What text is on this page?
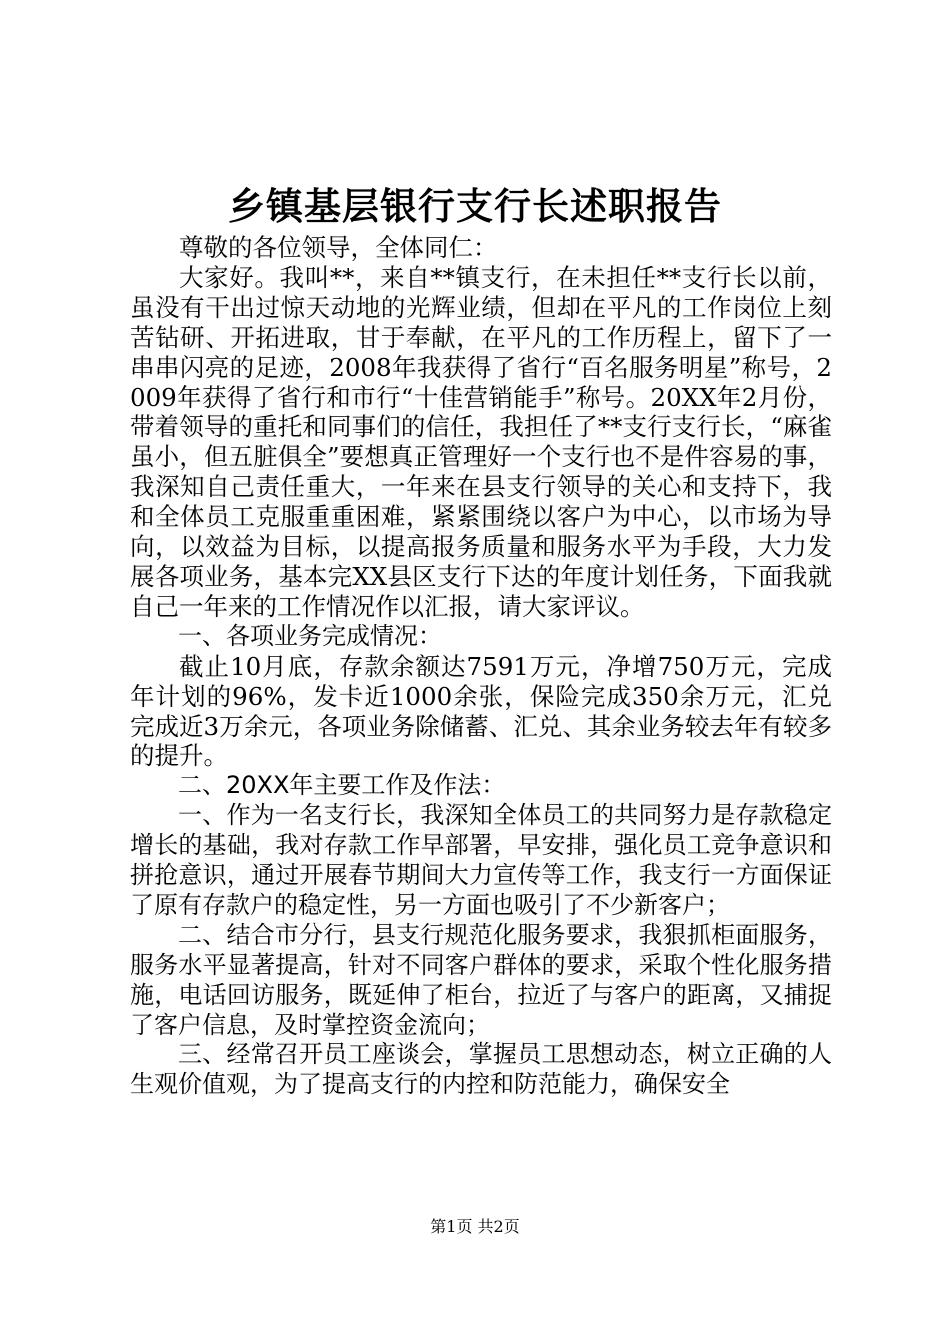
乡镇基层银行支行长述职报告

尊敬的各位领导，全体同仁：

大家好。我叫**，来自**镇支行，在未担任**支行长以前，虽没有干出过惊天动地的光辉业绩，但却在平凡的工作岗位上刻苦钻研、开拓进取，甘于奉献，在平凡的工作历程上，留下了一串串闪亮的足迹，2008年我获得了省行“百名服务明星”称号，2009年获得了省行和市行“十佳营销能手”称号。20XX年2月份，带着领导的重托和同事们的信任，我担任了**支行支行长，“麻雀虽小，但五脏俱全”要想真正管理好一个支行也不是件容易的事，我深知自己责任重大，一年来在县支行领导的关心和支持下，我和全体员工克服重重困难，紧紧围绕以客户为中心，以市场为导向，以效益为目标，以提高报务质量和服务水平为手段，大力发展各项业务，基本完XX县区支行下达的年度计划任务，下面我就自己一年来的工作情况作以汇报，请大家评议。

一、各项业务完成情况：

截止10月底，存款余额达7591万元，净增750万元，完成年计划的96%，发卡近1000余张，保险完成350余万元，汇兑完成近3万余元，各项业务除储蓄、汇兑、其余业务较去年有较多的提升。

二、20XX年主要工作及作法：

一、作为一名支行长，我深知全体员工的共同努力是存款稳定增长的基础，我对存款工作早部署，早安排，强化员工竞争意识和拼抢意识，通过开展春节期间大力宣传等工作，我支行一方面保证了原有存款户的稳定性，另一方面也吸引了不少新客户；

二、结合市分行，县支行规范化服务要求，我狠抓柜面服务，服务水平显著提高，针对不同客户群体的要求，采取个性化服务措施，电话回访服务，既延伸了柜台，拉近了与客户的距离，又捕捉了客户信息，及时掌控资金流向；

三、经常召开员工座谈会，掌握员工思想动态，树立正确的人生观价值观，为了提高支行的内控和防范能力，确保安全

第1页 共2页
